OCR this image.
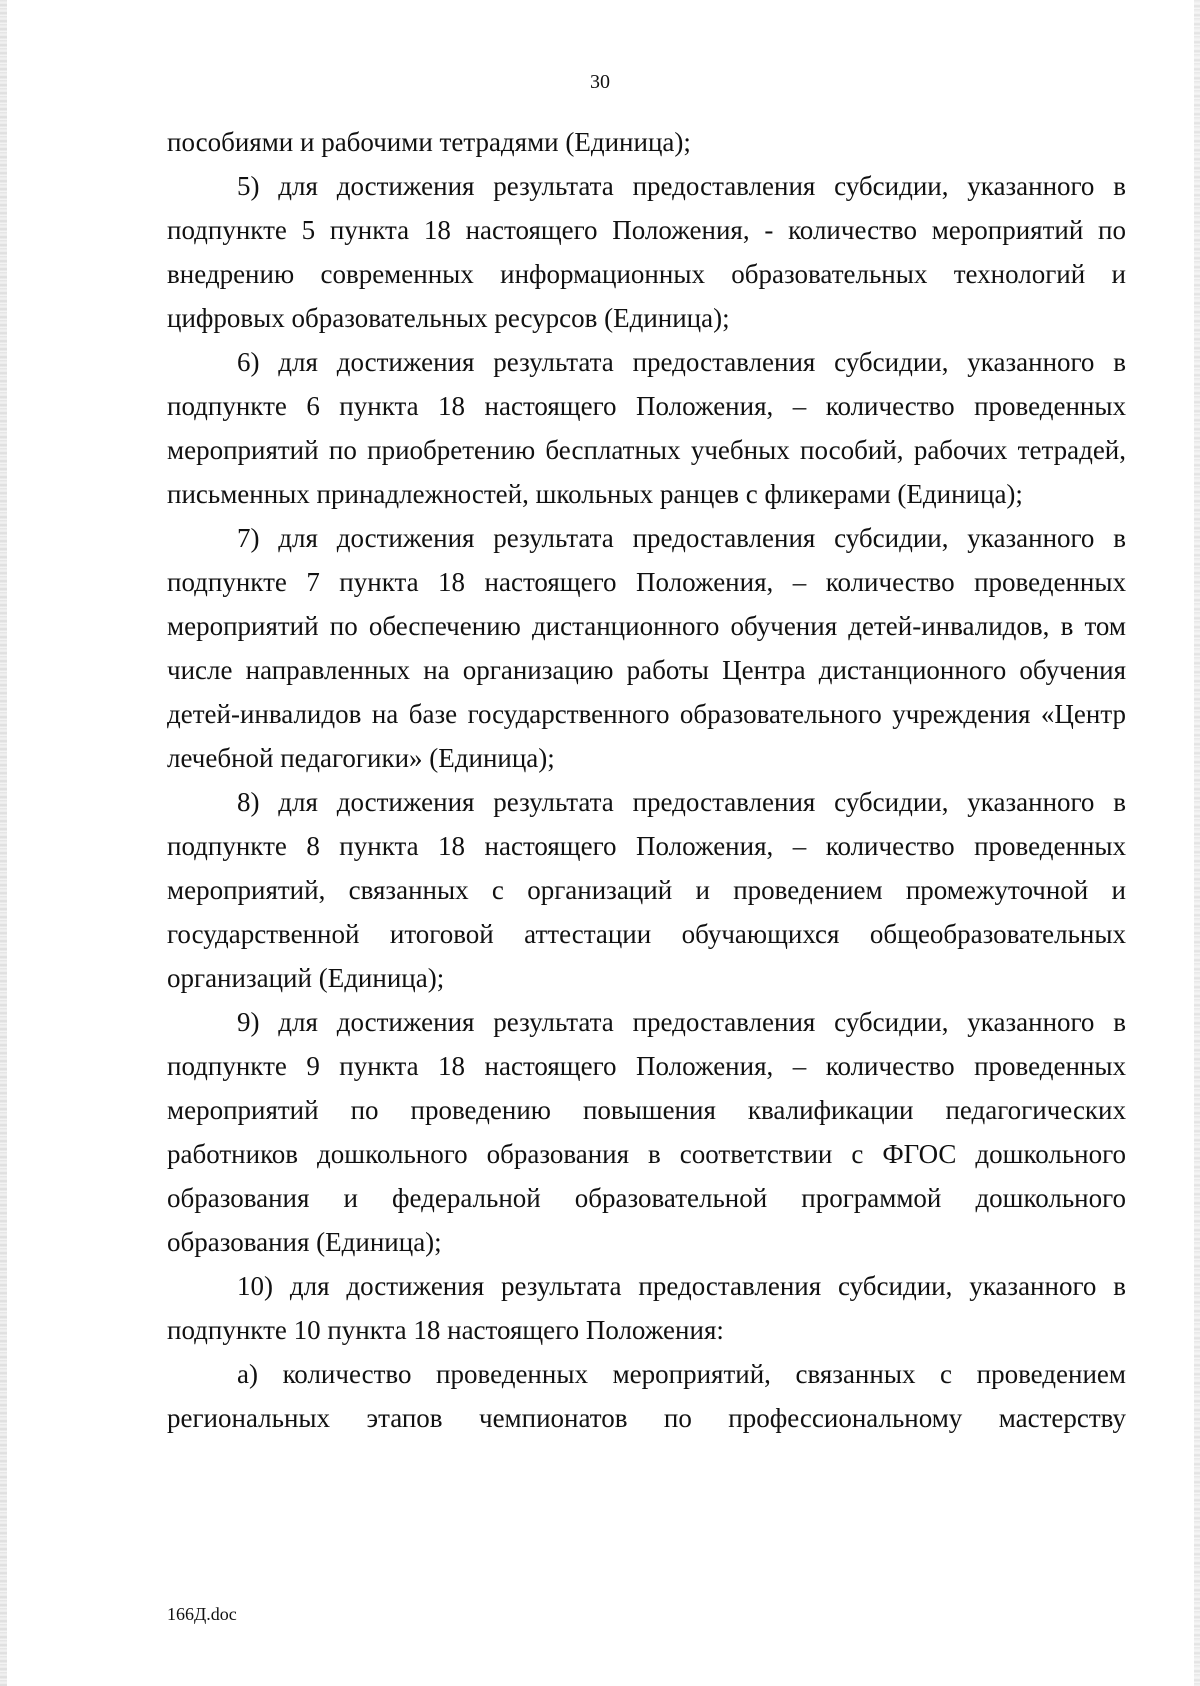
30

пособиями и рабочими тетрадями (Единица);

5) для достижения результата предоставления субсидии, указанного в подпункте 5 пункта 18 настоящего Положения, - количество мероприятий по внедрению современных информационных образовательных технологий и цифровых образовательных ресурсов (Единица);

6) для достижения результата предоставления субсидии, указанного в подпункте 6 пункта 18 настоящего Положения, – количество проведенных мероприятий по приобретению бесплатных учебных пособий, рабочих тетрадей, письменных принадлежностей, школьных ранцев с фликерами (Единица);

7) для достижения результата предоставления субсидии, указанного в подпункте 7 пункта 18 настоящего Положения, – количество проведенных мероприятий по обеспечению дистанционного обучения детей-инвалидов, в том числе направленных на организацию работы Центра дистанционного обучения детей-инвалидов на базе государственного образовательного учреждения «Центр лечебной педагогики» (Единица);

8) для достижения результата предоставления субсидии, указанного в подпункте 8 пункта 18 настоящего Положения, – количество проведенных мероприятий, связанных с организаций и проведением промежуточной и государственной итоговой аттестации обучающихся общеобразовательных организаций (Единица);

9) для достижения результата предоставления субсидии, указанного в подпункте 9 пункта 18 настоящего Положения, – количество проведенных мероприятий по проведению повышения квалификации педагогических работников дошкольного образования в соответствии с ФГОС дошкольного образования и федеральной образовательной программой дошкольного образования (Единица);

10) для достижения результата предоставления субсидии, указанного в подпункте 10 пункта 18 настоящего Положения:

а) количество проведенных мероприятий, связанных с проведением региональных этапов чемпионатов по профессиональному мастерству

166Д.doc
